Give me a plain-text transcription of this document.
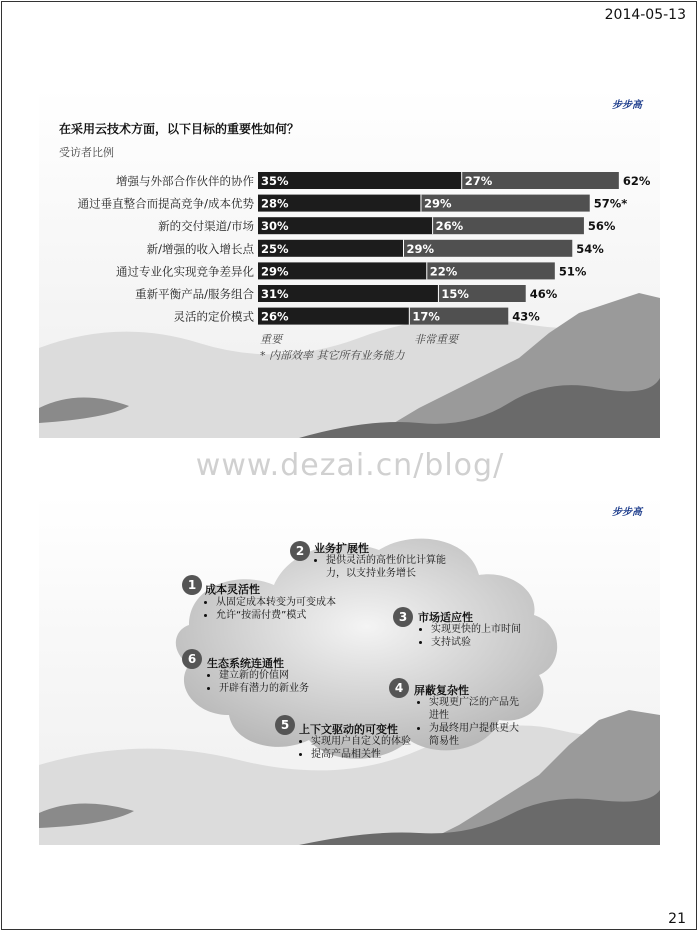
2014-05-13
步步高
在采用云技术方面，以下目标的重要性如何？
受访者比例
增强与外部合作伙伴的协作 35%	27%	62%
通过垂直整合而提高竞争/成本优势 28%	29%	57%*
新的交付渠道/市场 30%	26%	56%
新/增强的收入增长点 25%	29%	54%
通过专业化实现竞争差异化 29%	22%	51%
重新平衡产品/服务组合 31%	15%	46%
灵活的定价模式 26%	17%	43%
重要	非常重要
* 内部效率 其它所有业务能力
www.dezai.cn/blog/
步步高
1 成本灵活性
• 从固定成本转变为可变成本
• 允许“按需付费”模式
2 业务扩展性
• 提供灵活的高性价比计算能力，以支持业务增长
3 市场适应性
• 实现更快的上市时间
• 支持试验
4 屏蔽复杂性
• 实现更广泛的产品先进性
• 为最终用户提供更大简易性
5 上下文驱动的可变性
• 实现用户自定义的体验
• 提高产品相关性
6 生态系统连通性
• 建立新的价值网
• 开辟有潜力的新业务
21
